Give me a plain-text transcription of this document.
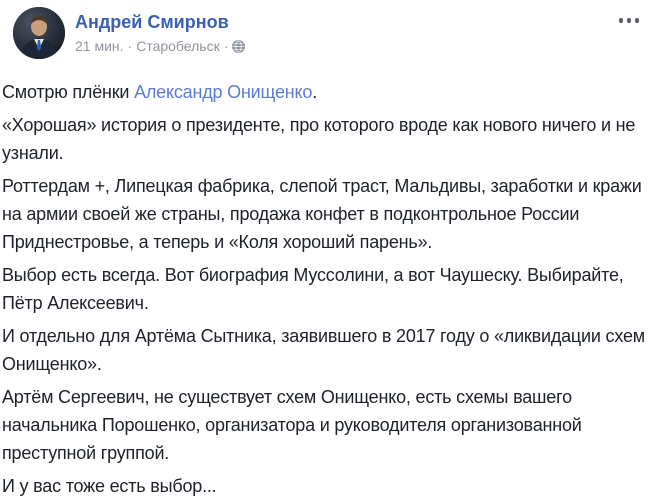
Андрей Смирнов
21 мин. · Старобельск ·

Смотрю плёнки Александр Онищенко.

«Хорошая» история о президенте, про которого вроде как нового ничего и не узнали.

Роттердам +, Липецкая фабрика, слепой траст, Мальдивы, заработки и кражи на армии своей же страны, продажа конфет в подконтрольное России Приднестровье, а теперь и «Коля хороший парень».

Выбор есть всегда. Вот биография Муссолини, а вот Чаушеску. Выбирайте, Пётр Алексеевич.

И отдельно для Артёма Сытника, заявившего в 2017 году о «ликвидации схем Онищенко».

Артём Сергеевич, не существует схем Онищенко, есть схемы вашего начальника Порошенко, организатора и руководителя организованной преступной группой.

И у вас тоже есть выбор...
